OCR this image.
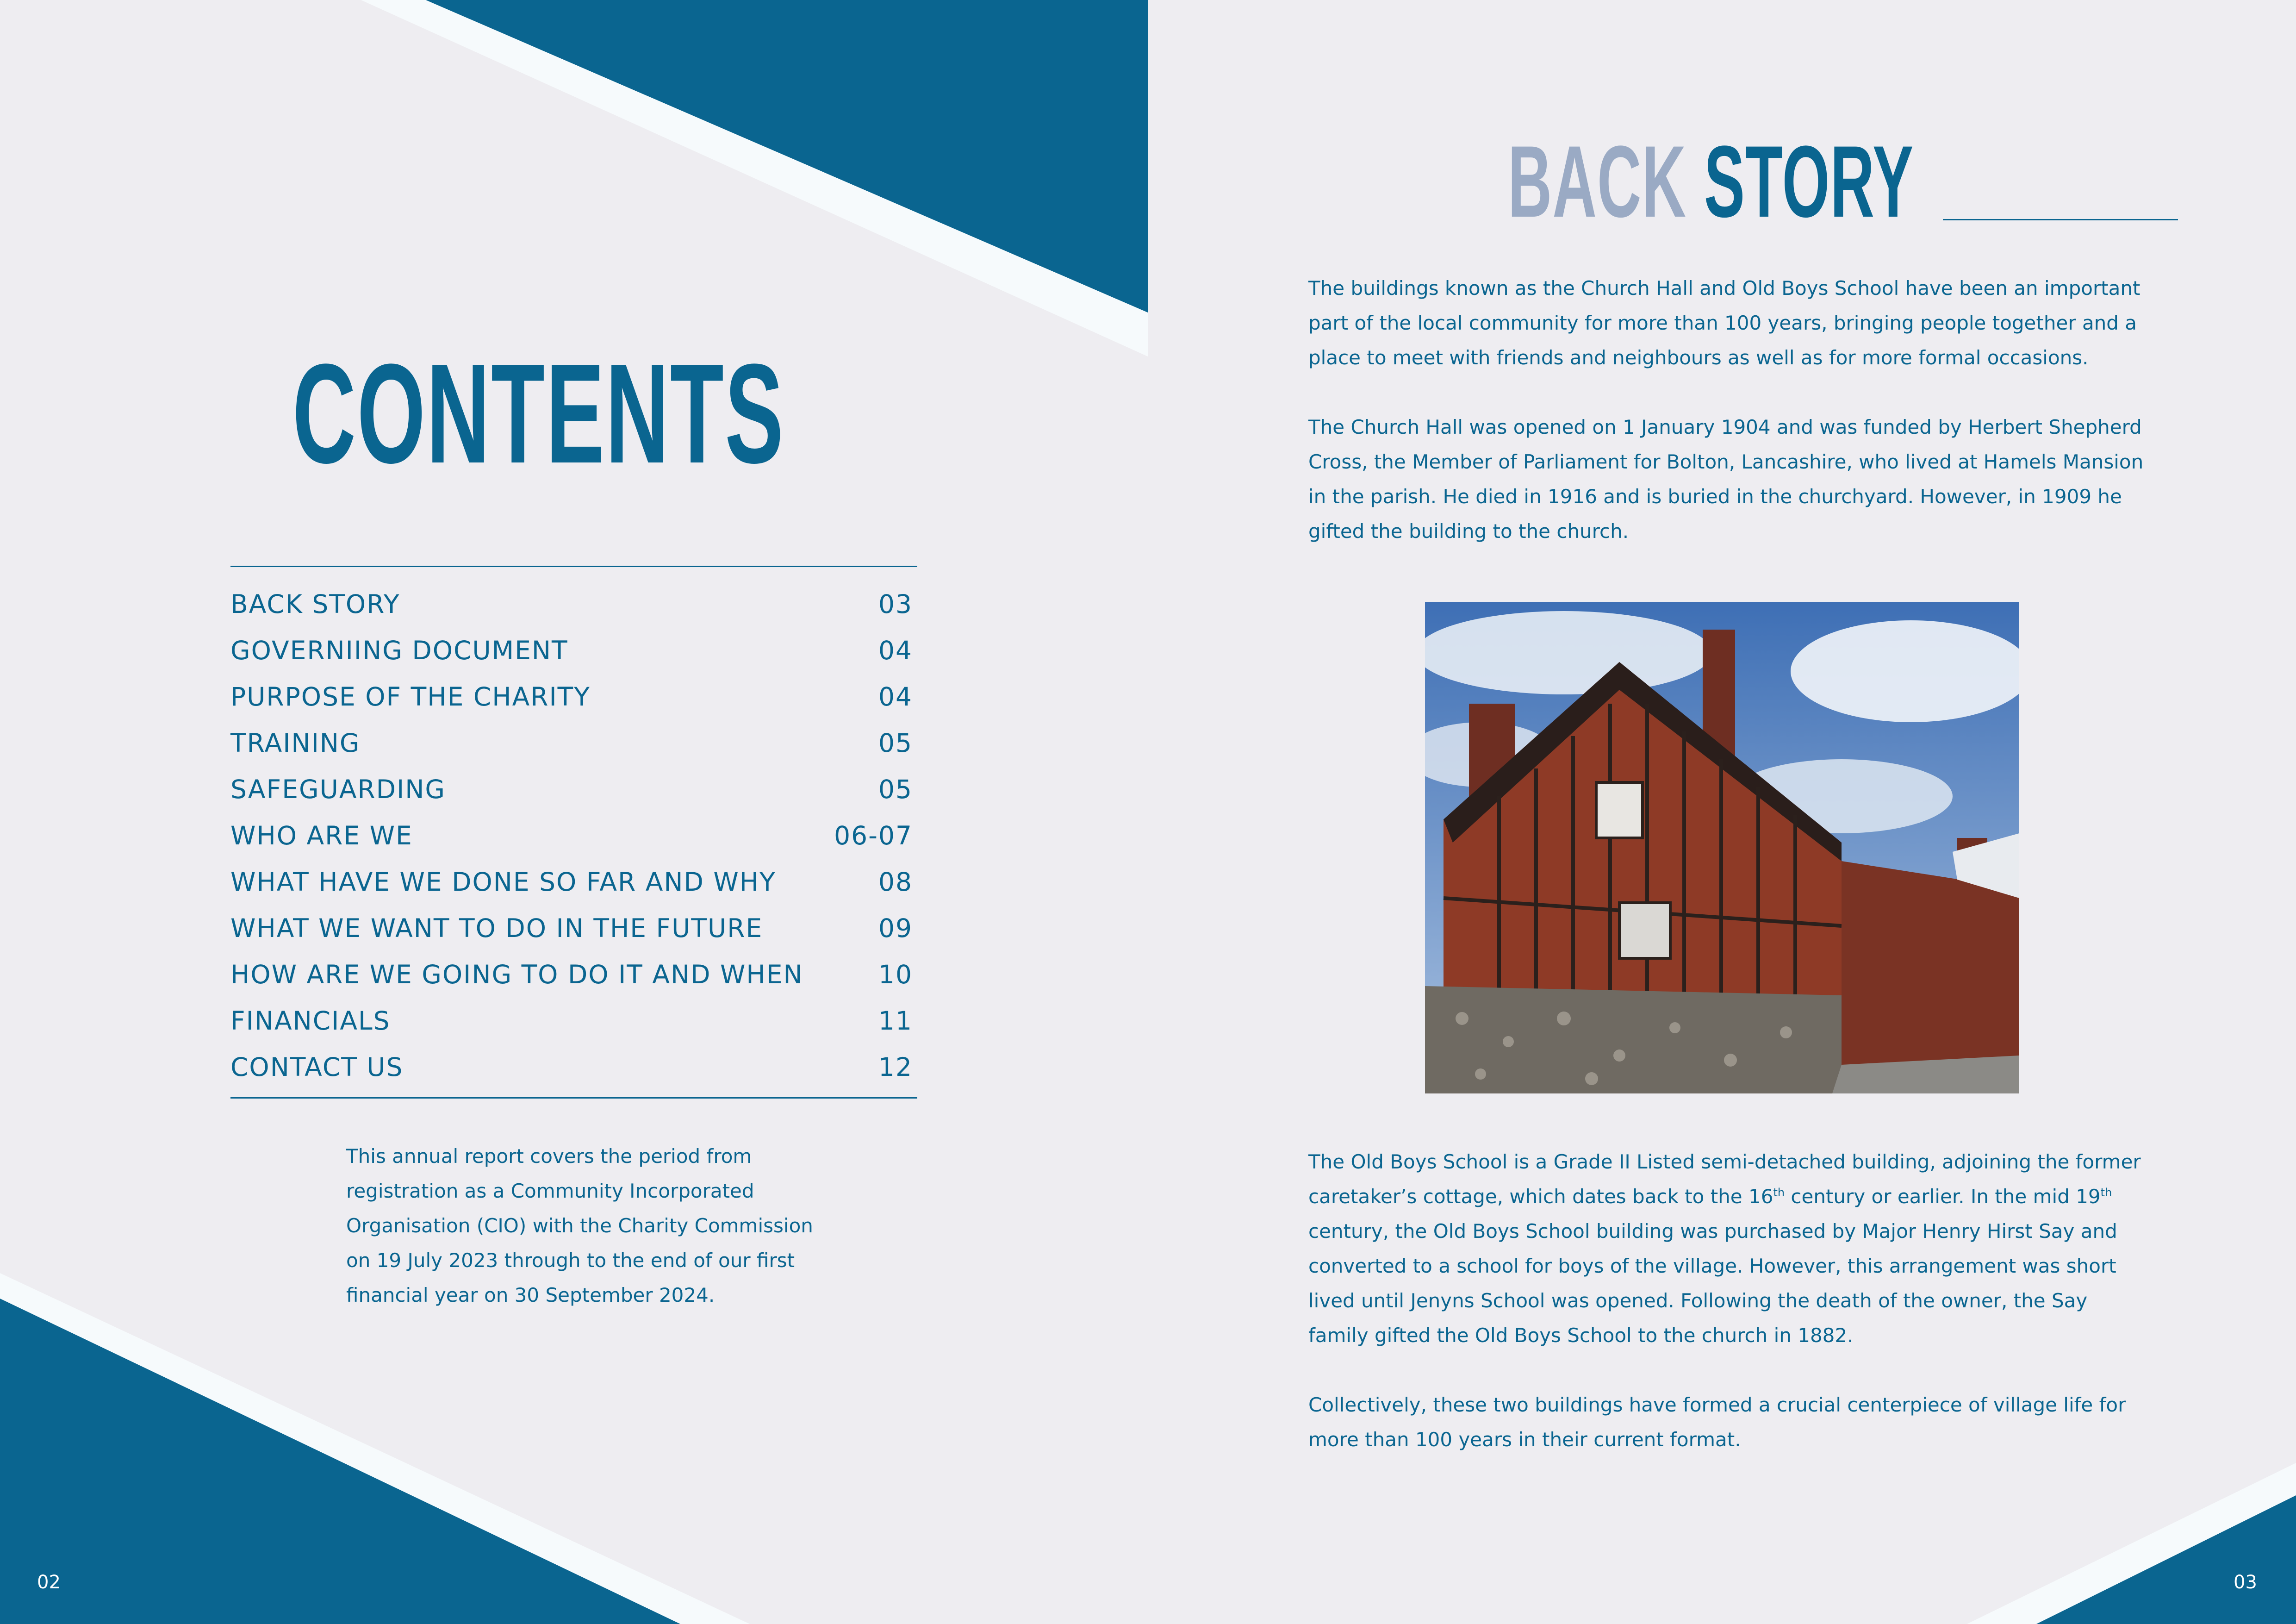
CONTENTS
BACK STORY	03
GOVERNIING DOCUMENT	04
PURPOSE OF THE CHARITY	04
TRAINING	05
SAFEGUARDING	05
WHO ARE WE	06-07
WHAT HAVE WE DONE SO FAR AND WHY	08
WHAT WE WANT TO DO IN THE FUTURE	09
HOW ARE WE GOING TO DO IT AND WHEN	10
FINANCIALS	11
CONTACT US	12

This annual report covers the period from registration as a Community Incorporated Organisation (CIO) with the Charity Commission on 19 July 2023 through to the end of our first financial year on 30 September 2024.

BACK STORY

The buildings known as the Church Hall and Old Boys School have been an important part of the local community for more than 100 years, bringing people together and a place to meet with friends and neighbours as well as for more formal occasions.

The Church Hall was opened on 1 January 1904 and was funded by Herbert Shepherd Cross, the Member of Parliament for Bolton, Lancashire, who lived at Hamels Mansion in the parish. He died in 1916 and is buried in the churchyard. However, in 1909 he gifted the building to the church.

The Old Boys School is a Grade II Listed semi-detached building, adjoining the former caretaker’s cottage, which dates back to the 16th century or earlier. In the mid 19th century, the Old Boys School building was purchased by Major Henry Hirst Say and converted to a school for boys of the village. However, this arrangement was short lived until Jenyns School was opened. Following the death of the owner, the Say family gifted the Old Boys School to the church in 1882.

Collectively, these two buildings have formed a crucial centerpiece of village life for more than 100 years in their current format.

02	03
